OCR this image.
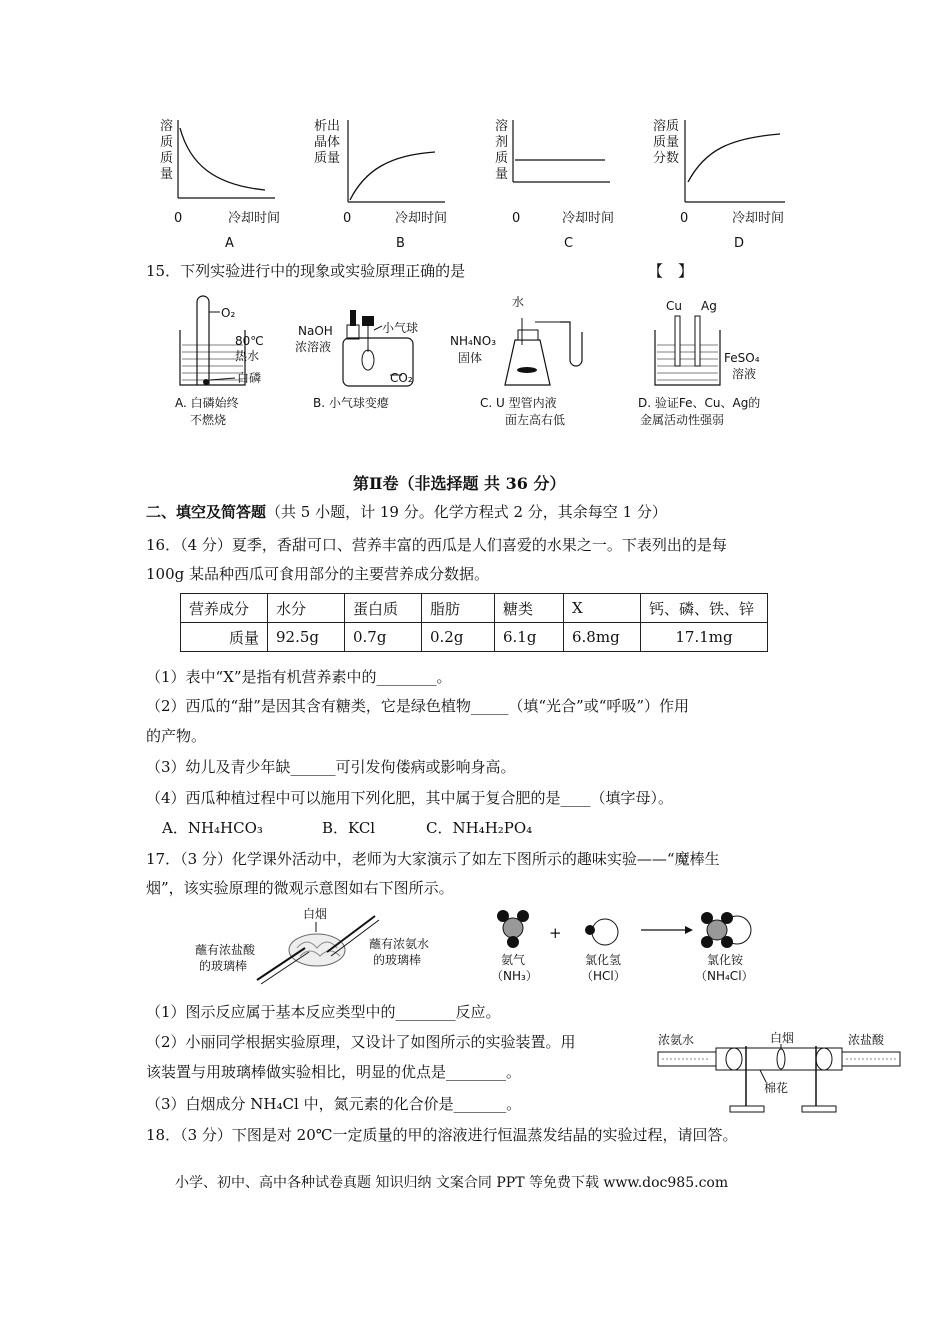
溶
质
质
量
0	冷却时间
A
析出
晶体
质量
0	冷却时间
B
溶
剂
质
量
0	冷却时间
C
溶质
质量
分数
0	冷却时间
D
15．下列实验进行中的现象或实验原理正确的是	【　】
O₂
80℃
热水
白磷
A. 白磷始终
不燃烧
小气球
NaOH
浓溶液
CO₂
B. 小气球变瘪
水
NH₄NO₃
固体
C. U 型管内液
面左高右低
Cu Ag
FeSO₄
溶液
D. 验证Fe、Cu、Ag的
金属活动性强弱
第Ⅱ卷（非选择题 共 36 分）
二、填空及简答题（共 5 小题，计 19 分。化学方程式 2 分，其余每空 1 分）
16．（4 分）夏季，香甜可口、营养丰富的西瓜是人们喜爱的水果之一。下表列出的是每
100g 某品种西瓜可食用部分的主要营养成分数据。
营养成分	水分	蛋白质	脂肪	糖类	X	钙、磷、铁、锌
质量	92.5g	0.7g	0.2g	6.1g	6.8mg	17.1mg
（1）表中“X”是指有机营养素中的________。
（2）西瓜的“甜”是因其含有糖类，它是绿色植物_____（填“光合”或“呼吸”）作用
的产物。
（3）幼儿及青少年缺______可引发佝偻病或影响身高。
（4）西瓜种植过程中可以施用下列化肥，其中属于复合肥的是____（填字母）。
A．NH₄HCO₃	B．KCl	C．NH₄H₂PO₄
17．（3 分）化学课外活动中，老师为大家演示了如左下图所示的趣味实验——“魔棒生
烟”，该实验原理的微观示意图如右下图所示。
白烟
蘸有浓盐酸
的玻璃棒
蘸有浓氨水
的玻璃棒	氨气
（NH₃）
+
氯化氢
（HCl）
氯化铵
（NH₄Cl）
（1）图示反应属于基本反应类型中的________反应。
（2）小丽同学根据实验原理，又设计了如图所示的实验装置。用
该装置与用玻璃棒做实验相比，明显的优点是________。
（3）白烟成分 NH₄Cl 中，氮元素的化合价是_______。
浓氨水	白烟	浓盐酸
棉花
18．（3 分）下图是对 20℃一定质量的甲的溶液进行恒温蒸发结晶的实验过程，请回答。
小学、初中、高中各种试卷真题 知识归纳 文案合同 PPT 等免费下载 www.doc985.com
